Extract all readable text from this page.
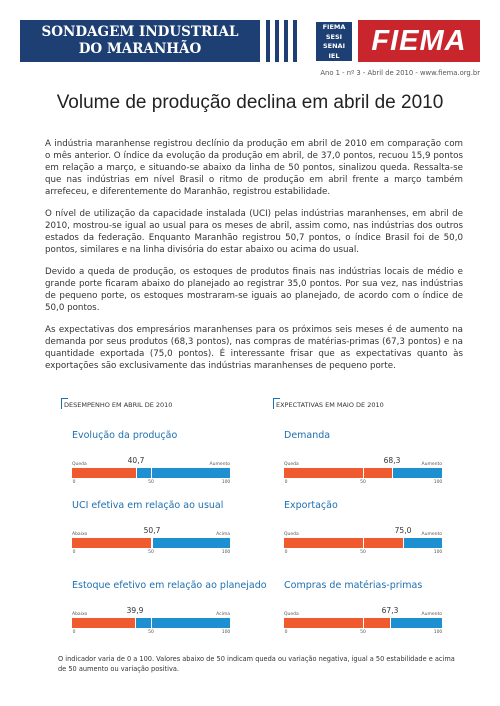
SONDAGEM INDUSTRIAL
DO MARANHÃO
FIEMA
SESI
SENAI
IEL	FIEMA
Ano 1 - nº 3 - Abril de 2010 - www.fiema.org.br
Volume de produção declina em abril de 2010

A indústria maranhense registrou declínio da produção em abril de 2010 em comparação com o mês anterior. O índice da evolução da produção em abril, de 37,0 pontos, recuou 15,9 pontos em relação a março, e situando-se abaixo da linha de 50 pontos, sinalizou queda. Ressalta-se que nas indústrias em nível Brasil o ritmo de produção em abril frente a março também arrefeceu, e diferentemente do Maranhão, registrou estabilidade.

O nível de utilização da capacidade instalada (UCI) pelas indústrias maranhenses, em abril de 2010, mostrou-se igual ao usual para os meses de abril, assim como, nas indústrias dos outros estados da federação. Enquanto Maranhão registrou 50,7 pontos, o índice Brasil foi de 50,0 pontos, similares e na linha divisória do estar abaixo ou acima do usual.

Devido a queda de produção, os estoques de produtos finais nas indústrias locais de médio e grande porte ficaram abaixo do planejado ao registrar 35,0 pontos. Por sua vez, nas indústrias de pequeno porte, os estoques mostraram-se iguais ao planejado, de acordo com o índice de 50,0 pontos.

As expectativas dos empresários maranhenses para os próximos seis meses é de aumento na demanda por seus produtos (68,3 pontos), nas compras de matérias-primas (67,3 pontos) e na quantidade exportada (75,0 pontos). É interessante frisar que as expectativas quanto às exportações são exclusivamente das indústrias maranhenses de pequeno porte.

DESEMPENHO EM ABRIL DE 2010	EXPECTATIVAS EM MAIO DE 2010
Evolução da produção
Queda	Aumento
40,7
0	50	100
UCI efetiva em relação ao usual
Abaixo	Acima
50,7
0	50	100
Estoque efetivo em relação ao planejado
Abaixo	Acima
39,9
0	50	100
Demanda
Queda	Aumento
68,3
0	50	100
Exportação
Queda	Aumento
75,0
0	50	100
Compras de matérias-primas
Queda	Aumento
67,3
0	50	100

O indicador varia de 0 a 100. Valores abaixo de 50 indicam queda ou variação negativa, igual a 50 estabilidade e acima de 50 aumento ou variação positiva.
